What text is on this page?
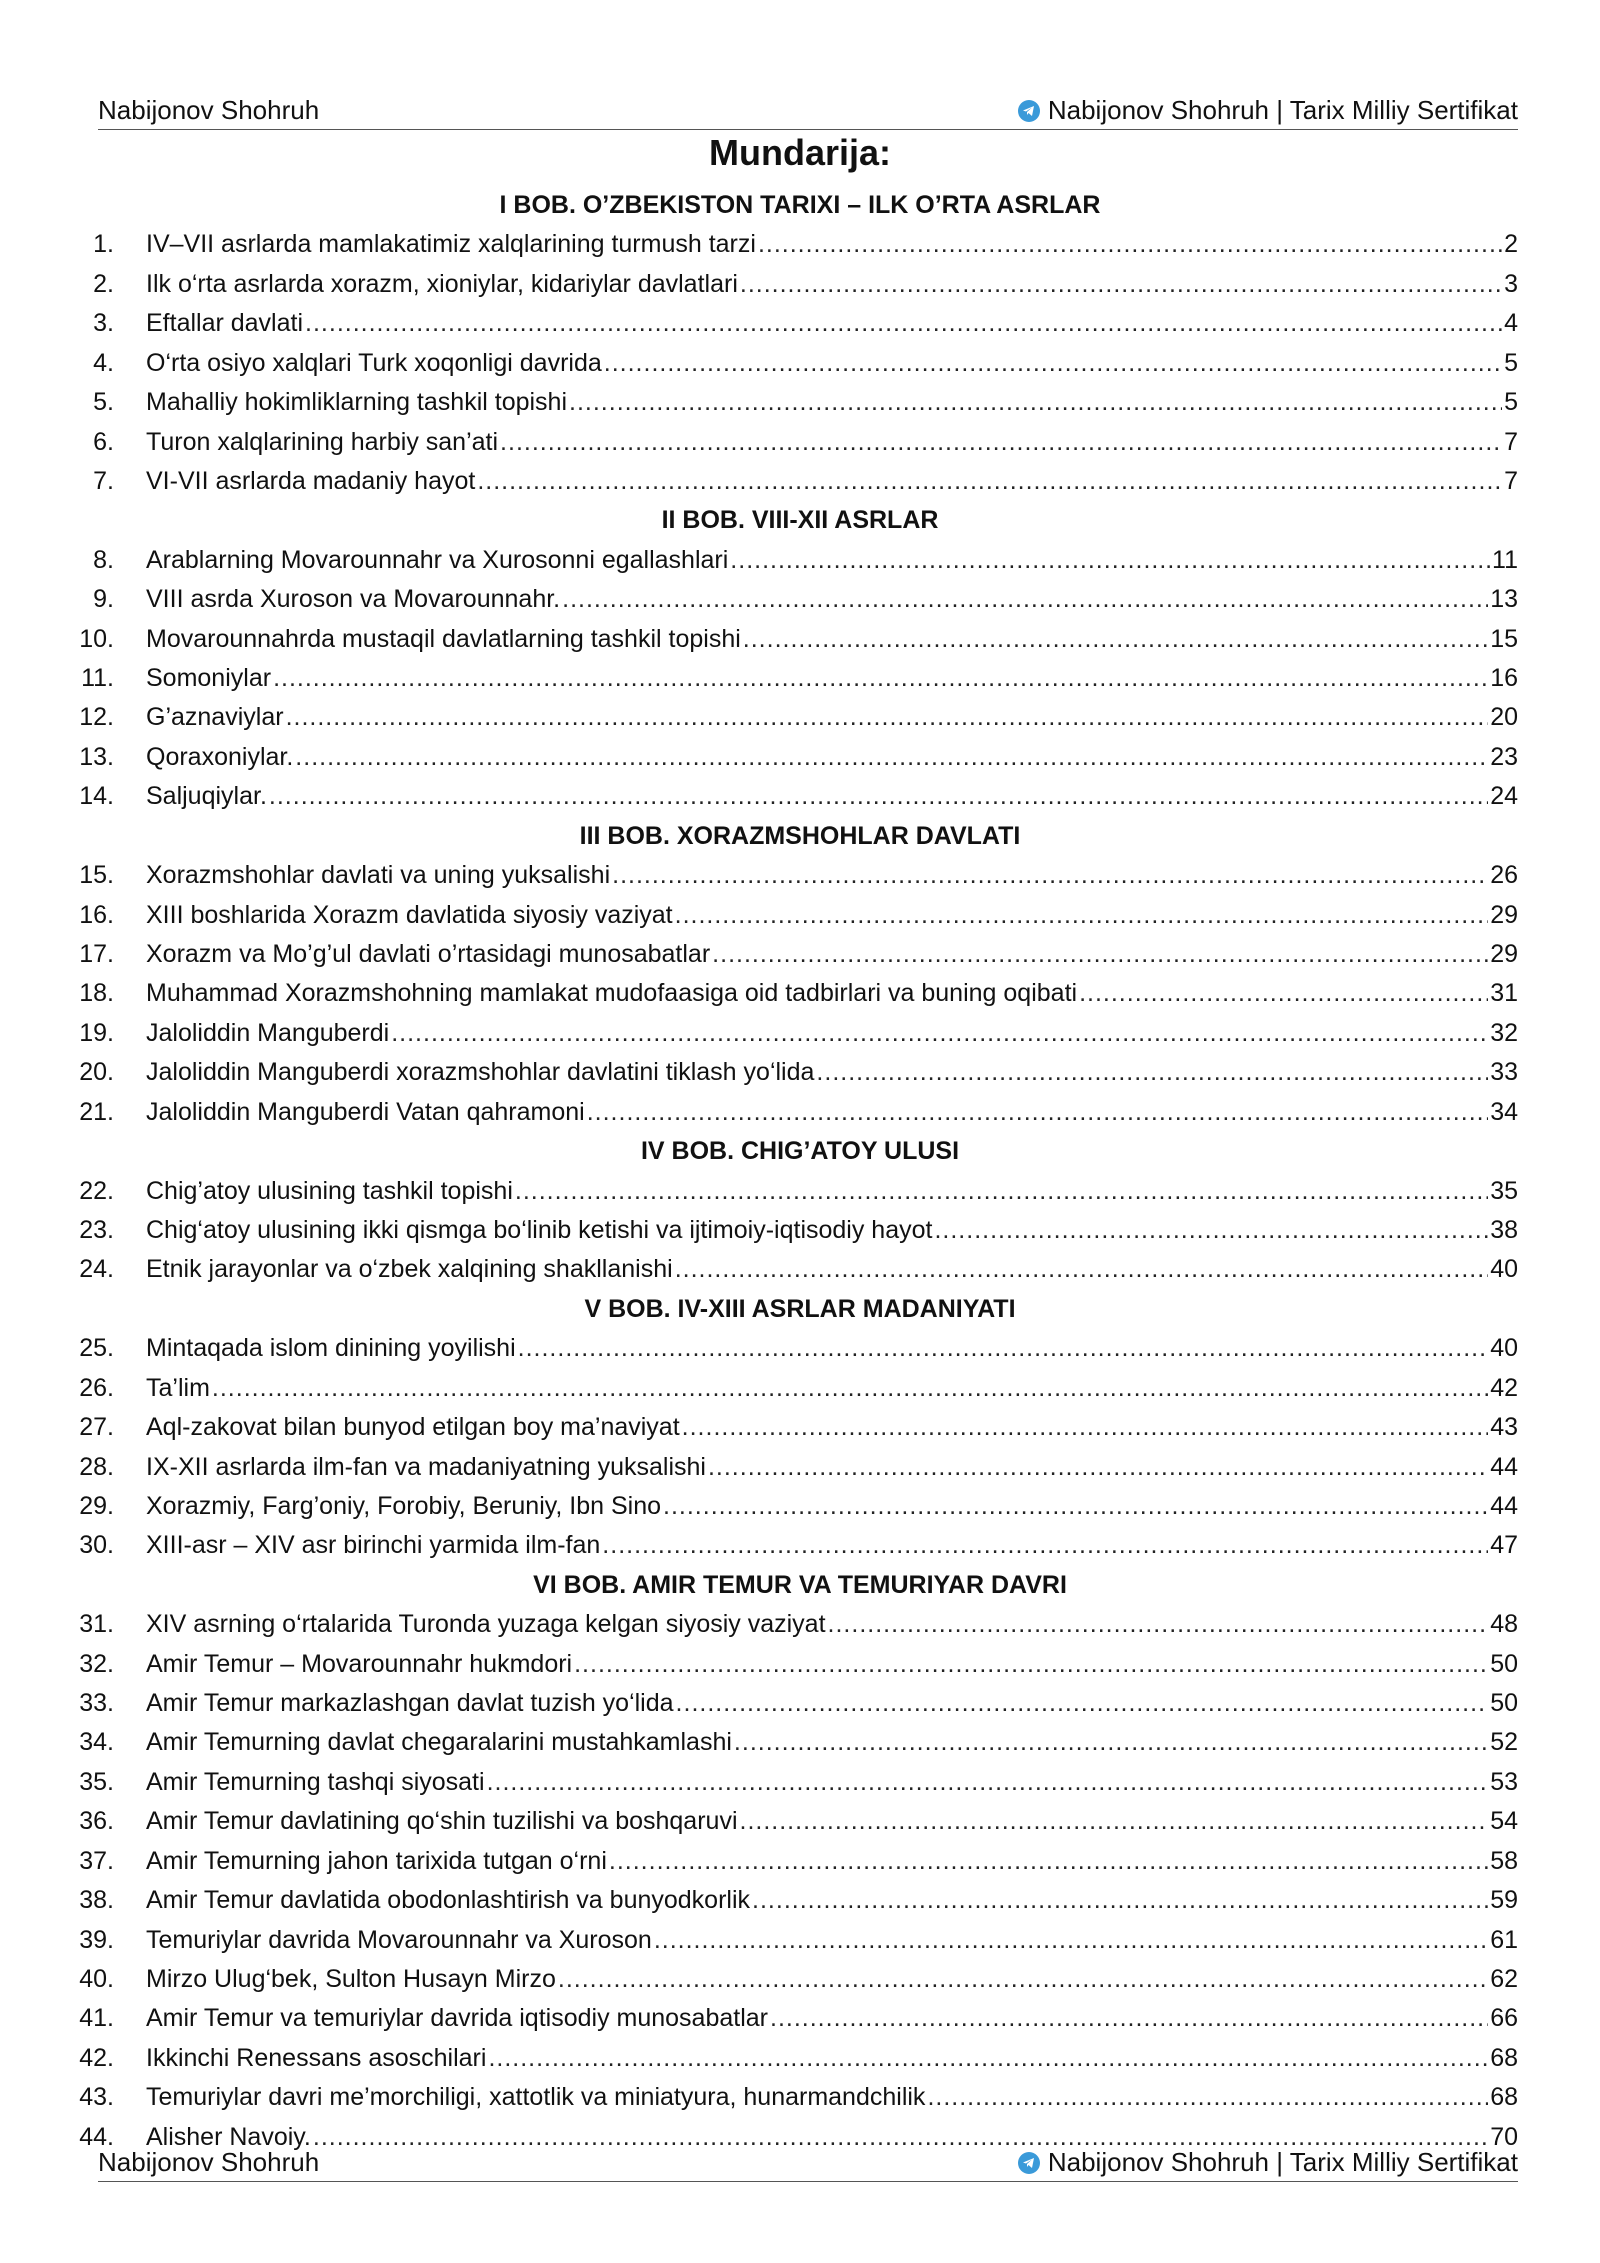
Nabijonov Shohruh	Nabijonov Shohruh | Tarix Milliy Sertifikat
Mundarija:
I BOB. O’ZBEKISTON TARIXI – ILK O’RTA ASRLAR
1. IV–VII asrlarda mamlakatimiz xalqlarining turmush tarzi .....	2
2. Ilk o‘rta asrlarda xorazm, xioniylar, kidariylar davlatlari .....	3
3. Eftallar davlati .....	4
4. O‘rta osiyo xalqlari Turk xoqonligi davrida .....	5
5. Mahalliy hokimliklarning tashkil topishi .....	5
6. Turon xalqlarining harbiy san’ati .....	7
7. VI-VII asrlarda madaniy hayot .....	7
II BOB. VIII-XII ASRLAR
8. Arablarning Movarounnahr va Xurosonni egallashlari .....	11
9. VIII asrda Xuroson va Movarounnahr. .....	13
10. Movarounnahrda mustaqil davlatlarning tashkil topishi .....	15
11. Somoniylar .....	16
12. G’aznaviylar .....	20
13. Qoraxoniylar. .....	23
14. Saljuqiylar. .....	24
III BOB. XORAZMSHOHLAR DAVLATI
15. Xorazmshohlar davlati va uning yuksalishi .....	26
16. XIII boshlarida Xorazm davlatida siyosiy vaziyat .....	29
17. Xorazm va Mo’g’ul davlati o’rtasidagi munosabatlar .....	29
18. Muhammad Xorazmshohning mamlakat mudofaasiga oid tadbirlari va buning oqibati .....	31
19. Jaloliddin Manguberdi .....	32
20. Jaloliddin Manguberdi xorazmshohlar davlatini tiklash yo‘lida .....	33
21. Jaloliddin Manguberdi Vatan qahramoni .....	34
IV BOB. CHIG’ATOY ULUSI
22. Chig’atoy ulusining tashkil topishi .....	35
23. Chig‘atoy ulusining ikki qismga bo‘linib ketishi va ijtimoiy-iqtisodiy hayot .....	38
24. Etnik jarayonlar va o‘zbek xalqining shakllanishi .....	40
V BOB. IV-XIII ASRLAR MADANIYATI
25. Mintaqada islom dinining yoyilishi .....	40
26. Ta’lim .....	42
27. Aql-zakovat bilan bunyod etilgan boy ma’naviyat .....	43
28. IX-XII asrlarda ilm-fan va madaniyatning yuksalishi .....	44
29. Xorazmiy, Farg’oniy, Forobiy, Beruniy, Ibn Sino .....	44
30. XIII-asr – XIV asr birinchi yarmida ilm-fan .....	47
VI BOB. AMIR TEMUR VA TEMURIYAR DAVRI
31. XIV asrning o‘rtalarida Turonda yuzaga kelgan siyosiy vaziyat .....	48
32. Amir Temur – Movarounnahr hukmdori .....	50
33. Amir Temur markazlashgan davlat tuzish yo‘lida .....	50
34. Amir Temurning davlat chegaralarini mustahkamlashi .....	52
35. Amir Temurning tashqi siyosati .....	53
36. Amir Temur davlatining qo‘shin tuzilishi va boshqaruvi .....	54
37. Amir Temurning jahon tarixida tutgan o‘rni .....	58
38. Amir Temur davlatida obodonlashtirish va bunyodkorlik .....	59
39. Temuriylar davrida Movarounnahr va Xuroson .....	61
40. Mirzo Ulug‘bek, Sulton Husayn Mirzo .....	62
41. Amir Temur va temuriylar davrida iqtisodiy munosabatlar .....	66
42. Ikkinchi Renessans asoschilari .....	68
43. Temuriylar davri me’morchiligi, xattotlik va miniatyura, hunarmandchilik .....	68
44. Alisher Navoiy. .....	70
Nabijonov Shohruh	Nabijonov Shohruh | Tarix Milliy Sertifikat
